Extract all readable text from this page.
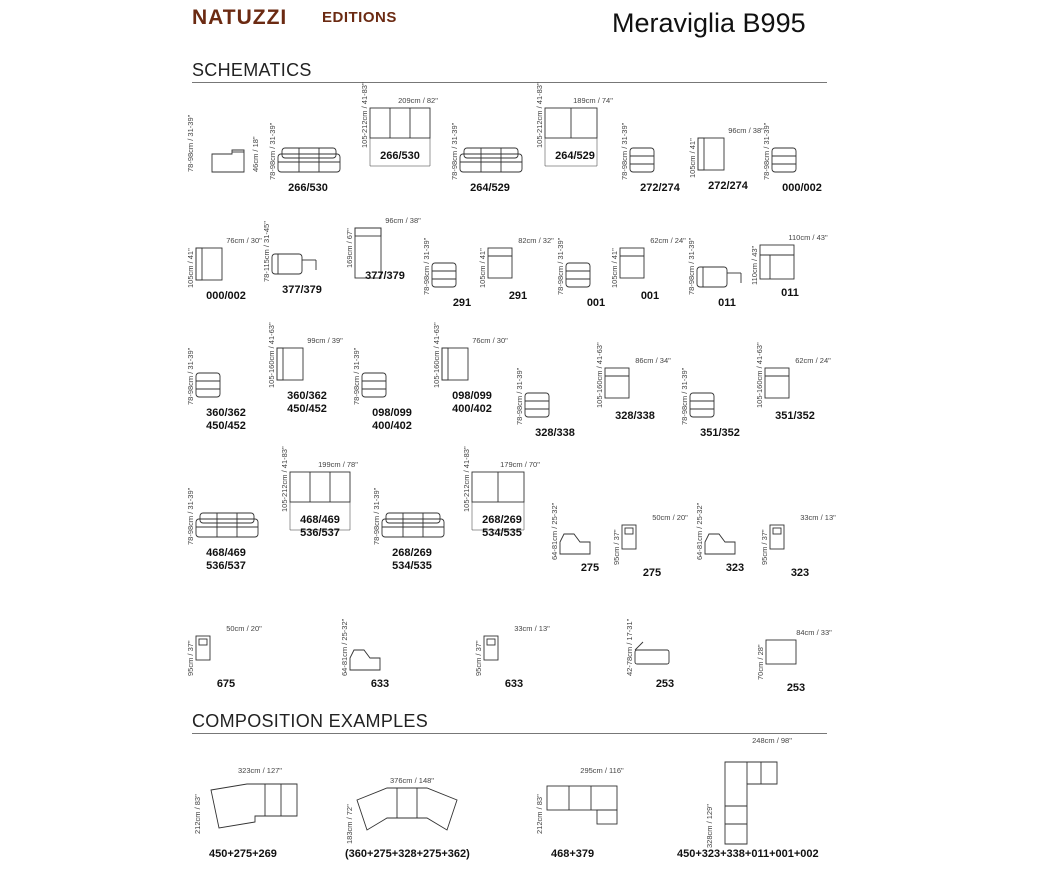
NATUZZI EDITIONS	Meraviglia B995
SCHEMATICS
78-98cm / 31-39"	46cm / 18" 78-98cm / 31-39"
266/530
209cm / 82"
105-212cm / 41-83"
266/530	78-98cm / 31-39"
264/529
189cm / 74"
105-212cm / 41-83"
264/529	78-98cm / 31-39"
272/274
96cm / 38"
105cm / 41"
272/274
78-98cm / 31-39"
000/002
76cm / 30"
105cm / 41"
000/002
78-115cm / 31-45"
377/379
96cm / 38"
169cm / 67"
377/379	78-98cm / 31-39"
291
82cm / 32"
105cm / 41"
291
78-98cm / 31-39"
001
62cm / 24"
105cm / 41"
001
78-98cm / 31-39"
011
110cm / 43"
110cm / 43"
011
78-98cm / 31-39"
360/362
450/452
99cm / 39"
105-160cm / 41-63"
360/362
450/452
78-98cm / 31-39"
098/099
400/402
76cm / 30"
105-160cm / 41-63"
098/099
400/402	78-98cm / 31-39"
328/338
86cm / 34"
105-160cm / 41-63"
328/338	78-98cm / 31-39"
351/352
62cm / 24"
105-160cm / 41-63"
351/352
78-98cm / 31-39"
468/469
536/537
199cm / 78"
105-212cm / 41-83"
468/469
536/537	78-98cm / 31-39"
268/269
534/535
179cm / 70"
105-212cm / 41-83"
268/269
534/535	64-81cm / 25-32"
275
50cm / 20"
95cm / 37"
275
64-81cm / 25-32"
323
33cm / 13"
95cm / 37"
323
50cm / 20"
95cm / 37"
675
64-81cm / 25-32"
633
33cm / 13"
95cm / 37"
633
42-78cm / 17-31"
253
84cm / 33"
70cm / 28"
253
COMPOSITION EXAMPLES
323cm / 127"
212cm / 83"
450+275+269
376cm / 148"
183cm / 72"
(360+275+328+275+362)
295cm / 116"
212cm / 83"
468+379
248cm / 98"
328cm / 129"
450+323+338+011+001+002
